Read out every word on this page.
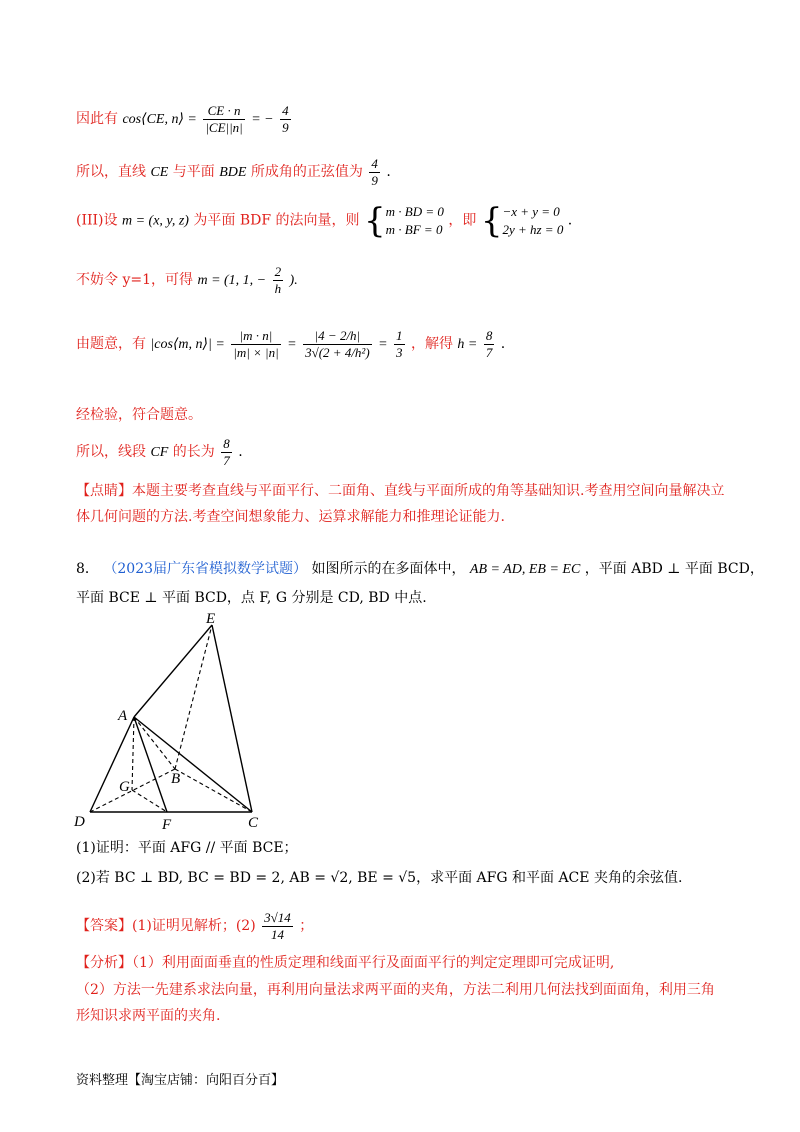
因此有 cos⟨CE, n⟩ = $\frac{CE \cdot n}{|CE||n|}$ = − $\frac{4}{9}$
所以，直线 CE 与平面 BDE 所成角的正弦值为 $\frac{4}{9}$ .
(III)设 m = (x, y, z) 为平面 BDF 的法向量，则 {m · BD = 0
m · BF = 0 ，即 {−x + y = 0
2y + hz = 0 .
不妨令 y=1，可得 m = (1, 1, − $\frac{2}{h}$ ).
由题意，有 |cos⟨m, n⟩| = $\frac{|m \cdot n|}{|m| \times |n|} = \frac{|4 - 2/h|}{\text{3√(2 + 4/h²)}} = \frac{1}{3}$ ，解得 $h = \frac{8}{7}$ .
经检验，符合题意。
所以，线段 CF 的长为 $\frac{8}{7}$ .
【点睛】本题主要考查直线与平面平行、二面角、直线与平面所成的角等基础知识.考查用空间向量解决立
体几何问题的方法.考查空间想象能力、运算求解能力和推理论证能力.
8． （2023届广东省模拟数学试题） 如图所示的在多面体中， AB = AD, EB = EC ，平面 ABD ⊥ 平面 BCD，
平面 BCE ⊥ 平面 BCD，点 F, G 分别是 CD, BD 中点.
E
A
B
G
D	F	C
(1)证明：平面 AFG // 平面 BCE；
(2)若 BC ⊥ BD, BC = BD = 2, AB = √2, BE = √5，求平面 AFG 和平面 ACE 夹角的余弦值.
【答案】(1)证明见解析；$(2) \frac{3√14}{14}$ ；
【分析】（1）利用面面垂直的性质定理和线面平行及面面平行的判定定理即可完成证明,
（2）方法一先建系求法向量，再利用向量法求两平面的夹角，方法二利用几何法找到面面角，利用三角
形知识求两平面的夹角.
资料整理【淘宝店铺：向阳百分百】
